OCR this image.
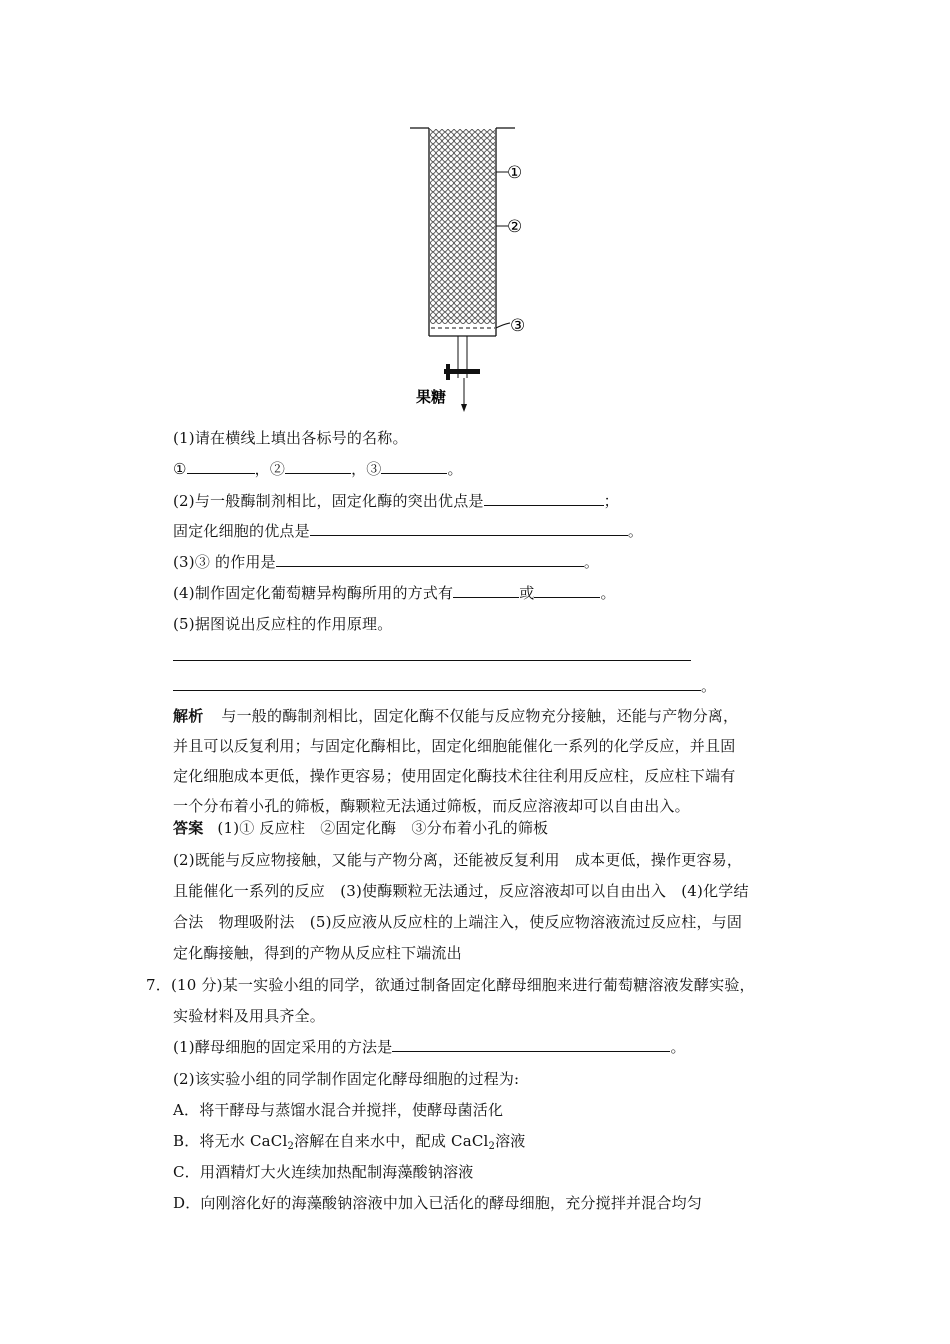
①
②
③
果糖
(1)请在横线上填出各标号的名称。
①	，②	，③	。
(2)与一般酶制剂相比，固定化酶的突出优点是	；
固定化细胞的优点是	。
(3)③ 的作用是	。
(4)制作固定化葡萄糖异构酶所用的方式有	或	。
(5)据图说出反应柱的作用原理。
。
解析 与一般的酶制剂相比，固定化酶不仅能与反应物充分接触，还能与产物分离，
并且可以反复利用；与固定化酶相比，固定化细胞能催化一系列的化学反应，并且固
定化细胞成本更低，操作更容易；使用固定化酶技术往往利用反应柱，反应柱下端有
一个分布着小孔的筛板，酶颗粒无法通过筛板，而反应溶液却可以自由出入。
答案 (1)① 反应柱　②固定化酶　③分布着小孔的筛板
(2)既能与反应物接触，又能与产物分离，还能被反复利用　成本更低，操作更容易，
且能催化一系列的反应　(3)使酶颗粒无法通过，反应溶液却可以自由出入　(4)化学结
合法　物理吸附法　(5)反应液从反应柱的上端注入，使反应物溶液流过反应柱，与固
定化酶接触，得到的产物从反应柱下端流出
7．(10 分)某一实验小组的同学，欲通过制备固定化酵母细胞来进行葡萄糖溶液发酵实验，
实验材料及用具齐全。
(1)酵母细胞的固定采用的方法是	。
(2)该实验小组的同学制作固定化酵母细胞的过程为:
A．将干酵母与蒸馏水混合并搅拌，使酵母菌活化
B．将无水 CaCl$_2$溶解在自来水中，配成 CaCl$_2$溶液
C．用酒精灯大火连续加热配制海藻酸钠溶液
D．向刚溶化好的海藻酸钠溶液中加入已活化的酵母细胞，充分搅拌并混合均匀
